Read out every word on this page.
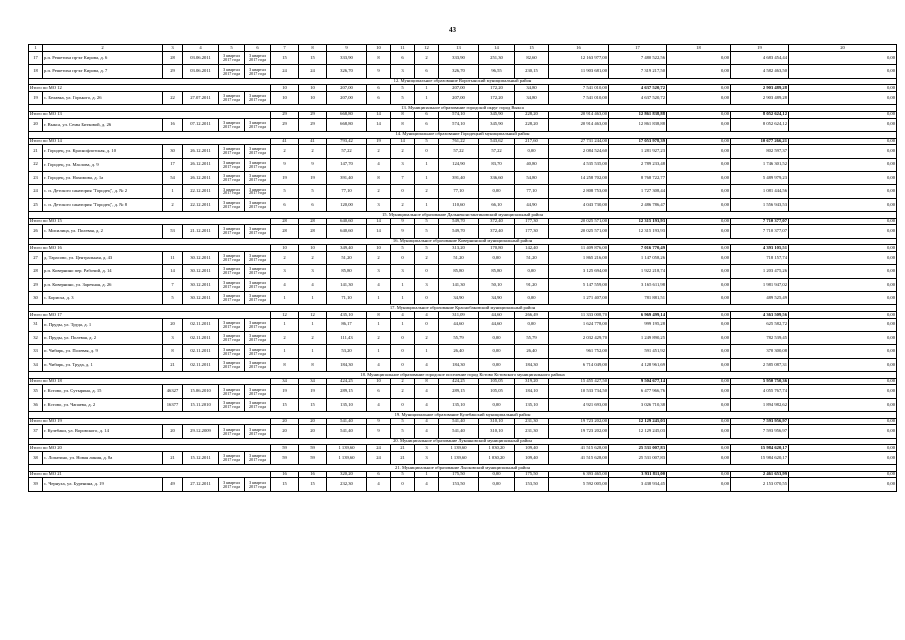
43
1	2	3	4	5	6	7	8	9	10	11	12	13	14	15	16	17	18	19	20
17	р.п. Решетиха пр-кт Кирова, д. 6	28	03.06.2011	3 квартал 2017 года	3 квартал 2017 года	15	15	333,90	8	6	2	333,90	251,30	82,60	12 163 977,00	7 480 522,56	0,00	4 683 454,44	0,00
18	р.п. Решетиха пр-кт Кирова, д. 7	29	03.06.2011	3 квартал 2017 года	3 квартал 2017 года	24	24	326,70	9	3	6	326,70	96,55	230,15	11 903 681,00	7 319 217,50	0,00	4 582 463,50	0,00
12. Муниципальное образование Воротынский муниципальный район																			
Итого по МО 12						10	10	207,00	6	5	1	207,00	172,20	34,80	7 541 010,00	4 637 520,72	0,00	2 903 489,28	0,00
19	с. Белавка, ул. Горького, д. 26	22	27.07.2011	3 квартал 2017 года	3 квартал 2017 года	10	10	207,00	6	5	1	207,00	172,20	34,80	7 541 010,00	4 637 520,72	0,00	2 903 489,28	0,00
13. Муниципальное образование городской округ город Выкса																			
Итого по МО 13						29	29	668,80	14	8	6	574,10	345,90	228,20	20 914 463,00	12 861 838,88	0,00	8 052 624,12	0,00
20	г. Выкса, ул. Семы Битковой, д. 26	16	07.12.2011	3 квартал 2017 года	3 квартал 2017 года	29	29	668,80	14	8	6	574,10	345,90	228,20	20 914 463,00	12 861 838,88	0,00	8 052 624,12	0,00
14. Муниципальное образование Городецкий муниципальный район																			
Итого по МО 14						41	41	793,42	19	14	5	761,22	543,62	217,60	27 731 244,00	17 053 978,39	0,00	10 677 266,21	0,00
21	г. Городец, ул. Краснофлотская, д. 10	30	26.12.2011	3 квартал 2017 года	3 квартал 2017 года	2	2	57,22	2	2	0	57,22	57,22	0,00	2 084 524,60	1 281 927,23	0,00	802 597,37	0,00
22	г. Городец, ул. Маслова, д. 9	17	26.12.2011	3 квартал 2017 года	3 квартал 2017 года	9	9	147,70	4	3	1	124,90	83,70	40,80	4 535 535,00	2 789 233,48	0,00	1 746 301,52	0,00
23	г. Городец, ул. Нахимова, д. 1а	54	26.12.2011	3 квартал 2017 года	3 квартал 2017 года	19	19	391,40	8	7	1	391,40	336,60	54,80	14 258 702,00	8 768 722,77	0,00	5 489 979,23	0,00
24	с. п. Детского санатория "Городец", д. № 2	1	22.12.2011	3 квартал 2017 года	3 квартал 2017 года	5	5	77,10	2	0	2	77,10	0,00	77,10	2 808 753,00	1 727 308,44	0,00	1 081 444,56	0,00
25	с. п. Детского санатория "Городец", д. № 8	2	22.12.2011	3 квартал 2017 года	3 квартал 2017 года	6	6	120,00	3	2	1	110,60	66,10	44,90	4 043 730,00	2 486 786,47	0,00	1 556 943,53	0,00
15. Муниципальное образование Дальнеконстантиновский муниципальный район																			
Итого по МО 15						28	28	640,60	14	9	5	549,70	372,40	177,30	20 025 571,00	12 315 193,93	0,00	7 710 377,07	0,00
26	с. Мисилица, ул. Полевая, д. 2	53	21.12.2011	3 квартал 2017 года	3 квартал 2017 года	28	28	640,60	14	9	5	549,70	372,40	177,30	20 025 571,00	12 315 193,93	0,00	7 710 377,07	0,00
16. Муниципальное образование Ковернинский муниципальный район																			
Итого по МО 16						10	10	349,40	10	5	5	313,20	170,80	142,40	11 409 876,00	7 016 770,49	0,00	4 393 105,51	0,00
27	д. Тарасово, ул. Центральная, д. 43	11	30.12.2011	3 квартал 2017 года	3 квартал 2017 года	2	2	51,20	2	0	2	51,20	0,00	51,20	1 865 216,00	1 147 058,26	0,00	718 157,74	0,00
28	р.п. Ковернино пер. Рабочий, д. 14	14	30.12.2011	3 квартал 2017 года	3 квартал 2017 года	3	3	85,80	3	3	0	85,80	85,80	0,00	3 125 694,00	1 922 218,74	0,00	1 203 475,26	0,00
29	р.п. Ковернино, ул. Заречная, д. 26	7	30.12.2011	3 квартал 2017 года	3 квартал 2017 года	4	4	141,30	4	1	3	141,30	50,10	91,20	5 147 559,00	3 165 611,98	0,00	1 981 947,02	0,00
30	с. Борисха, д. 3	5	30.12.2011	3 квартал 2017 года	3 квартал 2017 года	1	1	71,10	1	1	0	34,90	34,90	0,00	1 271 407,00	781 881,51	0,00	489 525,49	0,00
17. Муниципальное образование Краснобаковский муниципальный район																			
Итого по МО 17						12	12	435,10	8	4	4	311,09	44,60	266,49	11 333 008,70	6 969 499,14	0,00	4 363 509,56	0,00
31	п. Пруды, ул. Труда, д. 1	20	02.11.2011	3 квартал 2017 года	3 квартал 2017 года	1	1	86,17	1	1	0	44,60	44,60	0,00	1 624 778,00	999 195,28	0,00	625 582,72	0,00
32	п. Пруды, ул. Полевая, д. 2	3	02.11.2011	3 квартал 2017 года	3 квартал 2017 года	2	2	111,43	2	0	2	55,79	0,00	55,79	2 032 429,70	1 249 890,25	0,00	782 539,45	0,00
33	п. Чибирь, ул. Полевая, д. 9	8	02.11.2011	3 квартал 2017 года	3 квартал 2017 года	1	1	53,20	1	0	1	26,40	0,00	26,40	961 752,00	591 451,92	0,00	370 300,08	0,00
34	п. Чибирь, ул. Труда, д. 1	21	02.11.2011	3 квартал 2017 года	3 квартал 2017 года	8	8	184,30	4	0	4	184,30	0,00	184,30	6 714 049,00	4 128 961,69	0,00	2 585 087,31	0,00
18. Муниципальное образование городское поселение город Кстово Кстовского муниципального района																			
Итого по МО 18						34	34	424,25	10	2	8	424,25	105,05	319,20	15 455 427,50	9 504 677,14	0,00	5 950 750,36	0,00
35	г. Кстово, ул. Сутырина, д. 15	46327	15.06.2010	3 квартал 2017 года	3 квартал 2017 года	19	19	289,15	6	2	4	289,15	105,05	184,10	10 533 734,50	6 477 966,76	0,00	4 055 767,74	0,00
36	г. Кстово, ул. Чапаева, д. 2	16377	15.11.2010	3 квартал 2017 года	3 квартал 2017 года	15	15	135,10	4	0	4	135,10	0,00	135,10	4 921 693,00	3 026 710,38	0,00	1 894 982,62	0,00
19. Муниципальное образование Кулебакский муниципальный район																			
Итого по МО 19						20	20	541,40	9	5	4	541,40	310,10	231,30	19 723 202,00	12 129 245,03	0,00	7 593 956,97	0,00
37	г. Кулебаки, ул. Воровского, д. 14	20	29.12.2009	3 квартал 2017 года	3 квартал 2017 года	20	20	541,40	9	5	4	541,40	310,10	231,30	19 723 202,00	12 129 245,03	0,00	7 593 956,97	0,00
20. Муниципальное образование Лукояновский муниципальный район																			
Итого по МО 20						59	59	1 139,60	24	21	3	1 139,60	1 030,20	109,40	41 515 628,00	25 531 007,83	0,00	15 984 620,17	0,00
38	с. Лопатино, ул. Новая линия, д. 8а	21	15.12.2011	3 квартал 2017 года	3 квартал 2017 года	59	59	1 139,60	24	21	3	1 139,60	1 030,20	109,40	41 515 628,00	25 531 007,83	0,00	15 984 620,17	0,00
21. Муниципальное образование Лысковский муниципальный район																			
Итого по МО 21						16	16	320,20	6	5	1	175,50	0,00	175,50	6 393 465,00	3 931 811,00	0,00	2 461 653,99	0,00
39	с. Чернуха, ул. Буренина, д. 19	49	27.12.2011	3 квартал 2017 года	3 квартал 2017 года	15	15	232,30	4	0	4	153,50	0,00	153,50	5 592 005,00	3 438 934,45	0,00	2 153 070,55	0,00
